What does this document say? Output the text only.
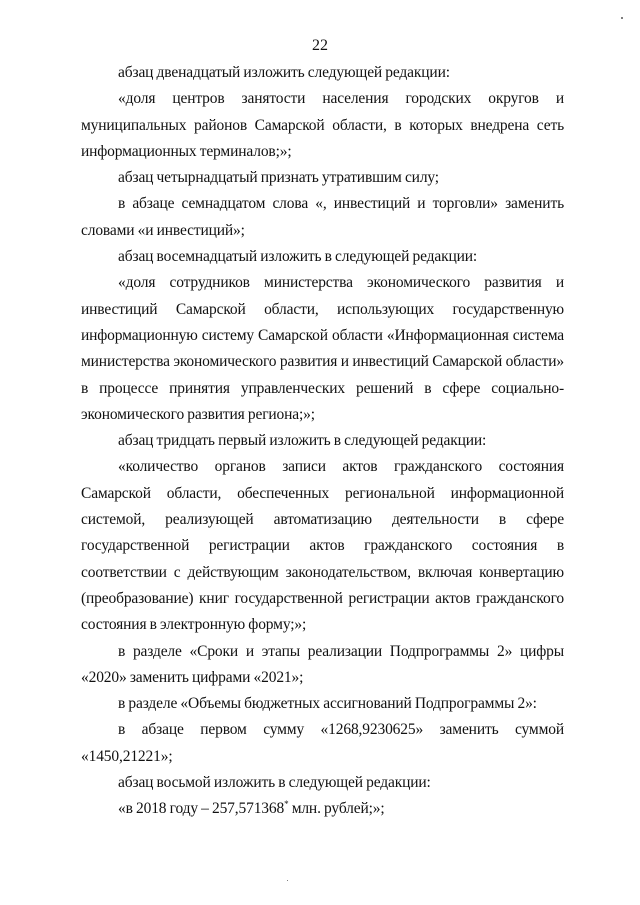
22
абзац двенадцатый изложить следующей редакции:
«доля центров занятости населения городских округов и
муниципальных районов Самарской области, в которых внедрена сеть
информационных терминалов;»;
абзац четырнадцатый признать утратившим силу;
в абзаце семнадцатом слова «, инвестиций и торговли» заменить
словами «и инвестиций»;
абзац восемнадцатый изложить в следующей редакции:
«доля сотрудников министерства экономического развития и
инвестиций Самарской области, использующих государственную
информационную систему Самарской области «Информационная система
министерства экономического развития и инвестиций Самарской области»
в процессе принятия управленческих решений в сфере социально-
экономического развития региона;»;
абзац тридцать первый изложить в следующей редакции:
«количество органов записи актов гражданского состояния
Самарской области, обеспеченных региональной информационной
системой, реализующей автоматизацию деятельности в сфере
государственной регистрации актов гражданского состояния в
соответствии с действующим законодательством, включая конвертацию
(преобразование) книг государственной регистрации актов гражданского
состояния в электронную форму;»;
в разделе «Сроки и этапы реализации Подпрограммы 2» цифры
«2020» заменить цифрами «2021»;
в разделе «Объемы бюджетных ассигнований Подпрограммы 2»:
в абзаце первом сумму «1268,9230625» заменить суммой
«1450,21221»;
абзац восьмой изложить в следующей редакции:
«в 2018 году – 257,571368* млн. рублей;»;
